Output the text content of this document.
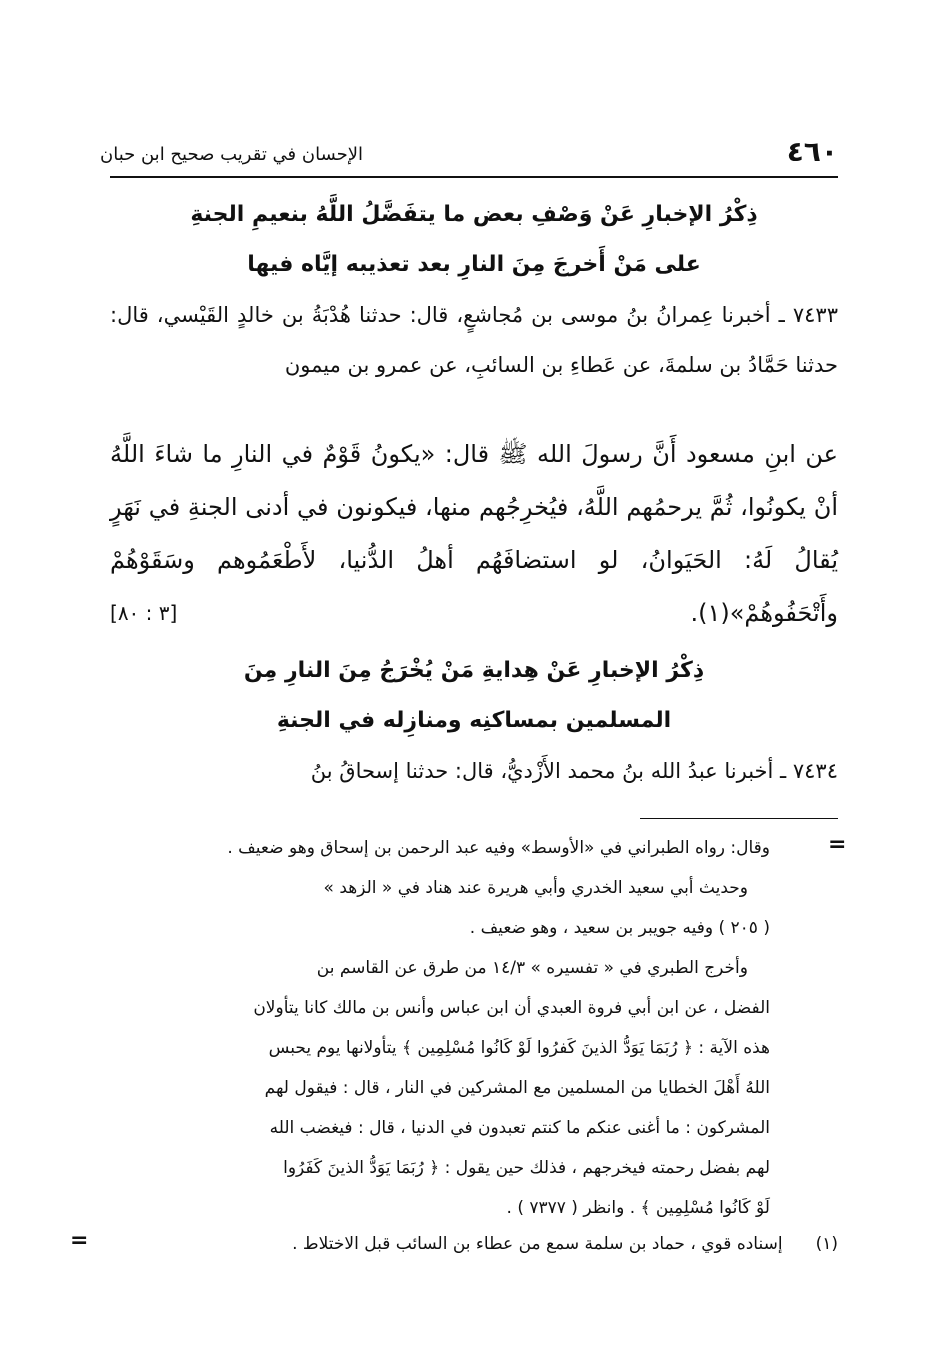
٤٦٠
الإحسان في تقريب صحيح ابن حبان
ذِكْرُ الإخبارِ عَنْ وَصْفِ بعض ما يتفَضَّلُ اللَّهُ بنعيمِ الجنةِ
على مَنْ أَخرجَ مِنَ النارِ بعد تعذيبه إيَّاه فيها

٧٤٣٣ ـ أخبرنا عِمرانُ بنُ موسى بن مُجاشعٍ، قال: حدثنا هُدْبَةُ بن خالدٍ القَيْسي، قال: حدثنا حَمَّادُ بن سلمةَ، عن عَطاءِ بن السائبِ، عن عمرو بن ميمون

عن ابنِ مسعود أَنَّ رسولَ الله ﷺ قال: «يكونُ قَوْمٌ في النارِ ما شاءَ اللَّهُ أنْ يكونُوا، ثُمَّ يرحمُهم اللَّهُ، فيُخرِجُهم منها، فيكونون في أدنى الجنةِ في نَهَرٍ يُقالُ لَهُ: الحَيَوانُ، لو استضافَهُم أهلُ الدُّنيا، لأَطْعَمُوهم وسَقَوْهُمْ وأَتْحَفُوهُمْ»(١).

[٣ : ٨٠]
ذِكْرُ الإخبارِ عَنْ هِدايةِ مَنْ يُخْرَجُ مِنَ النارِ مِنَ
المسلمين بمساكنِه ومنازِله في الجنةِ

٧٤٣٤ ـ أخبرنا عبدُ الله بنُ محمد الأَزْديُّ، قال: حدثنا إسحاقُ بنُ

=

وقال: رواه الطبراني في «الأوسط» وفيه عبد الرحمن بن إسحاق وهو ضعيف .

وحديث أبي سعيد الخدري وأبي هريرة عند هناد في « الزهد »

( ٢٠٥ ) وفيه جويبر بن سعيد ، وهو ضعيف .

وأخرج الطبري في « تفسيره » ١٤/٣ من طرق عن القاسم بن

الفضل ، عن ابن أبي فروة العبدي أن ابن عباس وأنس بن مالك كانا يتأولان

هذه الآية : ﴿ رُبَمَا يَوَدُّ الذينَ كَفرُوا لَوْ كَانُوا مُسْلِمِين ﴾ يتأولانها يوم يحبس

اللهُ أَهْلَ الخطايا من المسلمين مع المشركين في النار ، قال : فيقول لهم

المشركون : ما أغنى عنكم ما كنتم تعبدون في الدنيا ، قال : فيغضب الله

لهم بفضل رحمته فيخرجهم ، فذلك حين يقول : ﴿ رُبَمَا يَوَدُّ الذينَ كَفَرُوا

لَوْ كَانُوا مُسْلِمِين ﴾ . وانظر ( ٧٣٧٧ ) .

(١) إسناده قوي ، حماد بن سلمة سمع من عطاء بن السائب قبل الاختلاط .
=
